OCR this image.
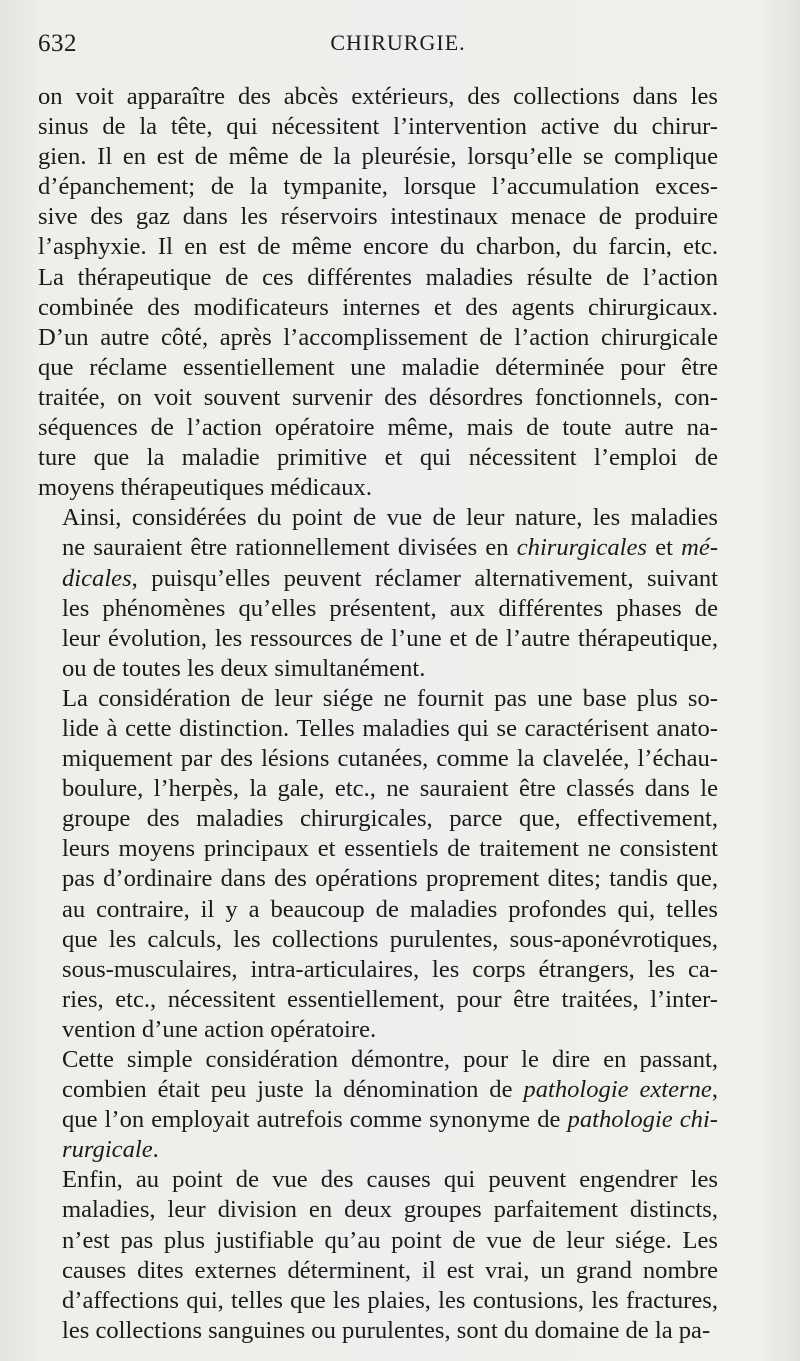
632	CHIRURGIE.

on voit apparaître des abcès extérieurs, des collections dans les
sinus de la tête, qui nécessitent l’intervention active du chirur-
gien. Il en est de même de la pleurésie, lorsqu’elle se complique
d’épanchement; de la tympanite, lorsque l’accumulation exces-
sive des gaz dans les réservoirs intestinaux menace de produire
l’asphyxie. Il en est de même encore du charbon, du farcin, etc.
La thérapeutique de ces différentes maladies résulte de l’action
combinée des modificateurs internes et des agents chirurgicaux.
D’un autre côté, après l’accomplissement de l’action chirurgicale
que réclame essentiellement une maladie déterminée pour être
traitée, on voit souvent survenir des désordres fonctionnels, con-
séquences de l’action opératoire même, mais de toute autre na-
ture que la maladie primitive et qui nécessitent l’emploi de
moyens thérapeutiques médicaux.

Ainsi, considérées du point de vue de leur nature, les maladies
ne sauraient être rationnellement divisées en chirurgicales et mé-
dicales, puisqu’elles peuvent réclamer alternativement, suivant
les phénomènes qu’elles présentent, aux différentes phases de
leur évolution, les ressources de l’une et de l’autre thérapeutique,
ou de toutes les deux simultanément.

La considération de leur siége ne fournit pas une base plus so-
lide à cette distinction. Telles maladies qui se caractérisent anato-
miquement par des lésions cutanées, comme la clavelée, l’échau-
boulure, l’herpès, la gale, etc., ne sauraient être classés dans le
groupe des maladies chirurgicales, parce que, effectivement,
leurs moyens principaux et essentiels de traitement ne consistent
pas d’ordinaire dans des opérations proprement dites; tandis que,
au contraire, il y a beaucoup de maladies profondes qui, telles
que les calculs, les collections purulentes, sous-aponévrotiques,
sous-musculaires, intra-articulaires, les corps étrangers, les ca-
ries, etc., nécessitent essentiellement, pour être traitées, l’inter-
vention d’une action opératoire.

Cette simple considération démontre, pour le dire en passant,
combien était peu juste la dénomination de pathologie externe,
que l’on employait autrefois comme synonyme de pathologie chi-
rurgicale.

Enfin, au point de vue des causes qui peuvent engendrer les
maladies, leur division en deux groupes parfaitement distincts,
n’est pas plus justifiable qu’au point de vue de leur siége. Les
causes dites externes déterminent, il est vrai, un grand nombre
d’affections qui, telles que les plaies, les contusions, les fractures,
les collections sanguines ou purulentes, sont du domaine de la pa-
